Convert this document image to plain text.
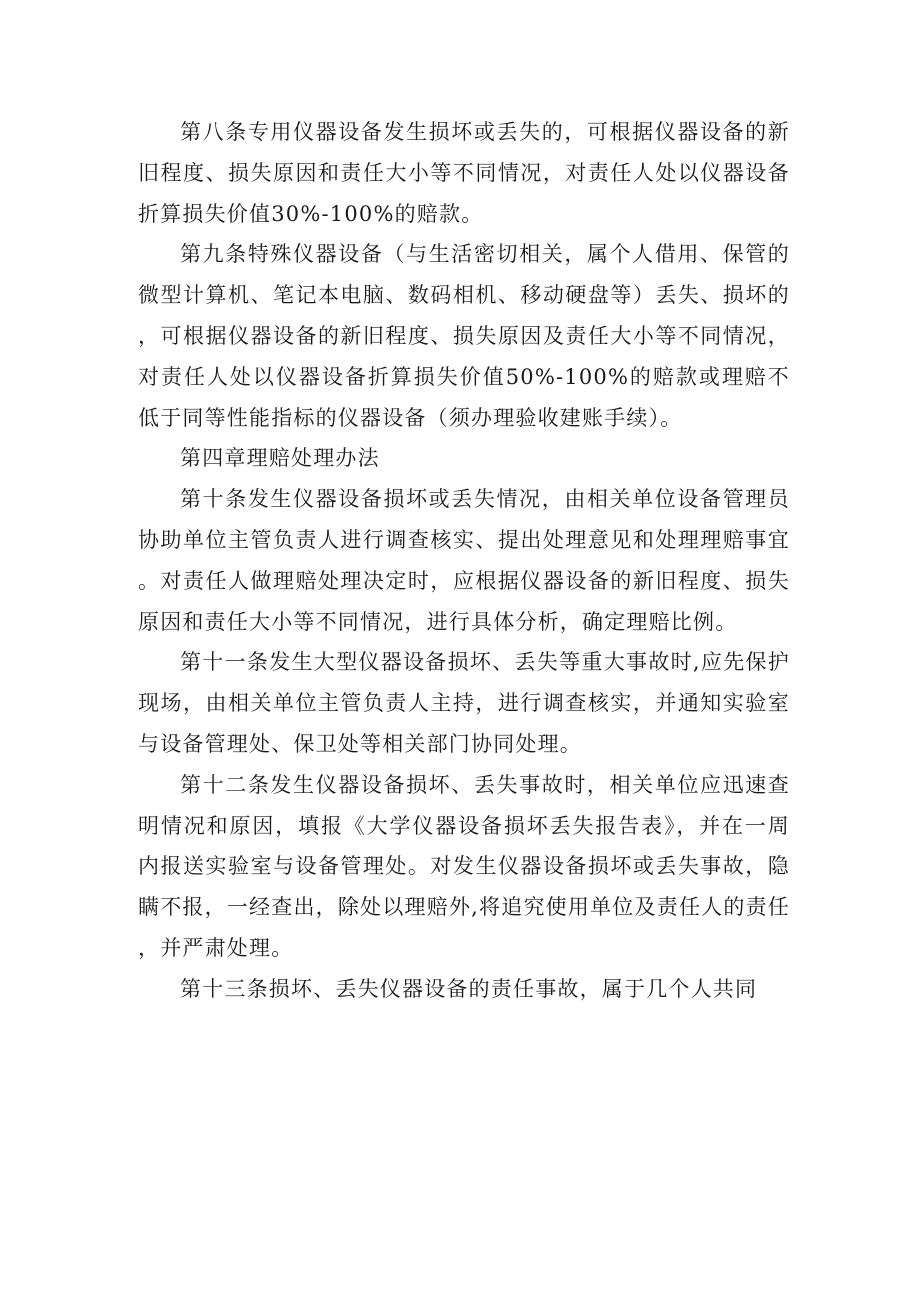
第八条专用仪器设备发生损坏或丢失的，可根据仪器设备的新旧程度、损失原因和责任大小等不同情况，对责任人处以仪器设备折算损失价值30%-100%的赔款。

第九条特殊仪器设备（与生活密切相关，属个人借用、保管的微型计算机、笔记本电脑、数码相机、移动硬盘等）丢失、损坏的，可根据仪器设备的新旧程度、损失原因及责任大小等不同情况，对责任人处以仪器设备折算损失价值50%-100%的赔款或理赔不低于同等性能指标的仪器设备（须办理验收建账手续）。

第四章理赔处理办法

第十条发生仪器设备损坏或丢失情况，由相关单位设备管理员协助单位主管负责人进行调查核实、提出处理意见和处理理赔事宜。对责任人做理赔处理决定时，应根据仪器设备的新旧程度、损失原因和责任大小等不同情况，进行具体分析，确定理赔比例。

第十一条发生大型仪器设备损坏、丢失等重大事故时,应先保护现场，由相关单位主管负责人主持，进行调查核实，并通知实验室与设备管理处、保卫处等相关部门协同处理。

第十二条发生仪器设备损坏、丢失事故时，相关单位应迅速查明情况和原因，填报《大学仪器设备损坏丢失报告表》，并在一周内报送实验室与设备管理处。对发生仪器设备损坏或丢失事故，隐瞒不报，一经查出，除处以理赔外,将追究使用单位及责任人的责任，并严肃处理。

第十三条损坏、丢失仪器设备的责任事故，属于几个人共同
